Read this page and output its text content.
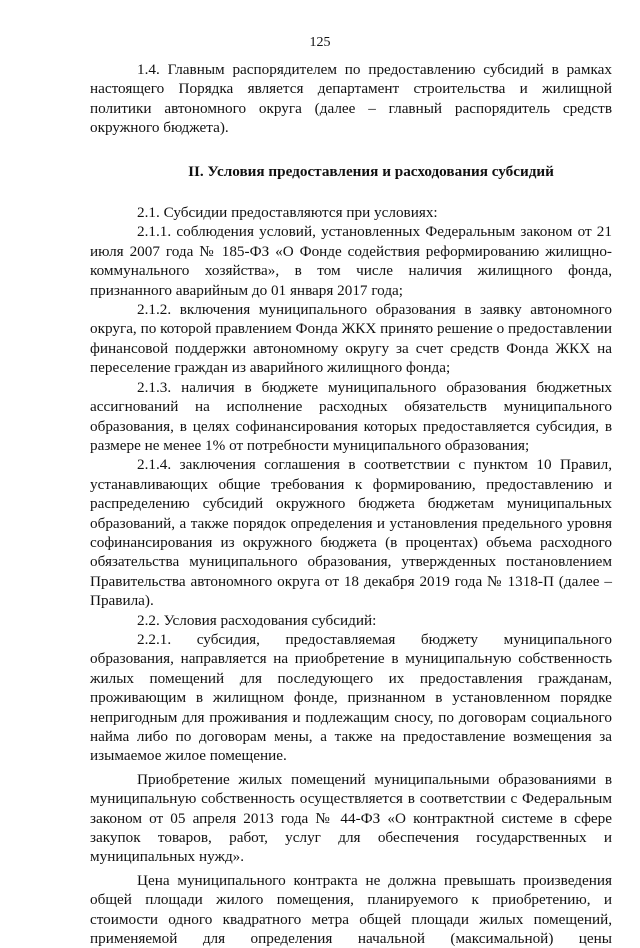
125

1.4. Главным распорядителем по предоставлению субсидий в рамках настоящего Порядка является департамент строительства и жилищной политики автономного округа (далее – главный распорядитель средств окружного бюджета).

II. Условия предоставления и расходования субсидий

2.1. Субсидии предоставляются при условиях:

2.1.1. соблюдения условий, установленных Федеральным законом от 21 июля 2007 года № 185-ФЗ «О Фонде содействия реформированию жилищно-коммунального хозяйства», в том числе наличия жилищного фонда, признанного аварийным до 01 января 2017 года;

2.1.2. включения муниципального образования в заявку автономного округа, по которой правлением Фонда ЖКХ принято решение о предоставлении финансовой поддержки автономному округу за счет средств Фонда ЖКХ на переселение граждан из аварийного жилищного фонда;

2.1.3. наличия в бюджете муниципального образования бюджетных ассигнований на исполнение расходных обязательств муниципального образования, в целях софинансирования которых предоставляется субсидия, в размере не менее 1% от потребности муниципального образования;

2.1.4. заключения соглашения в соответствии с пунктом 10 Правил, устанавливающих общие требования к формированию, предоставлению и распределению субсидий окружного бюджета бюджетам муниципальных образований, а также порядок определения и установления предельного уровня софинансирования из окружного бюджета (в процентах) объема расходного обязательства муниципального образования, утвержденных постановлением Правительства автономного округа от 18 декабря 2019 года № 1318-П (далее – Правила).

2.2. Условия расходования субсидий:

2.2.1. субсидия, предоставляемая бюджету муниципального образования, направляется на приобретение в муниципальную собственность жилых помещений для последующего их предоставления гражданам, проживающим в жилищном фонде, признанном в установленном порядке непригодным для проживания и подлежащим сносу, по договорам социального найма либо по договорам мены, а также на предоставление возмещения за изымаемое жилое помещение.

Приобретение жилых помещений муниципальными образованиями в муниципальную собственность осуществляется в соответствии с Федеральным законом от 05 апреля 2013 года № 44-ФЗ «О контрактной системе в сфере закупок товаров, работ, услуг для обеспечения государственных и муниципальных нужд».

Цена муниципального контракта не должна превышать произведения общей площади жилого помещения, планируемого к приобретению, и стоимости одного квадратного метра общей площади жилых помещений, применяемой для определения начальной (максимальной) цены
